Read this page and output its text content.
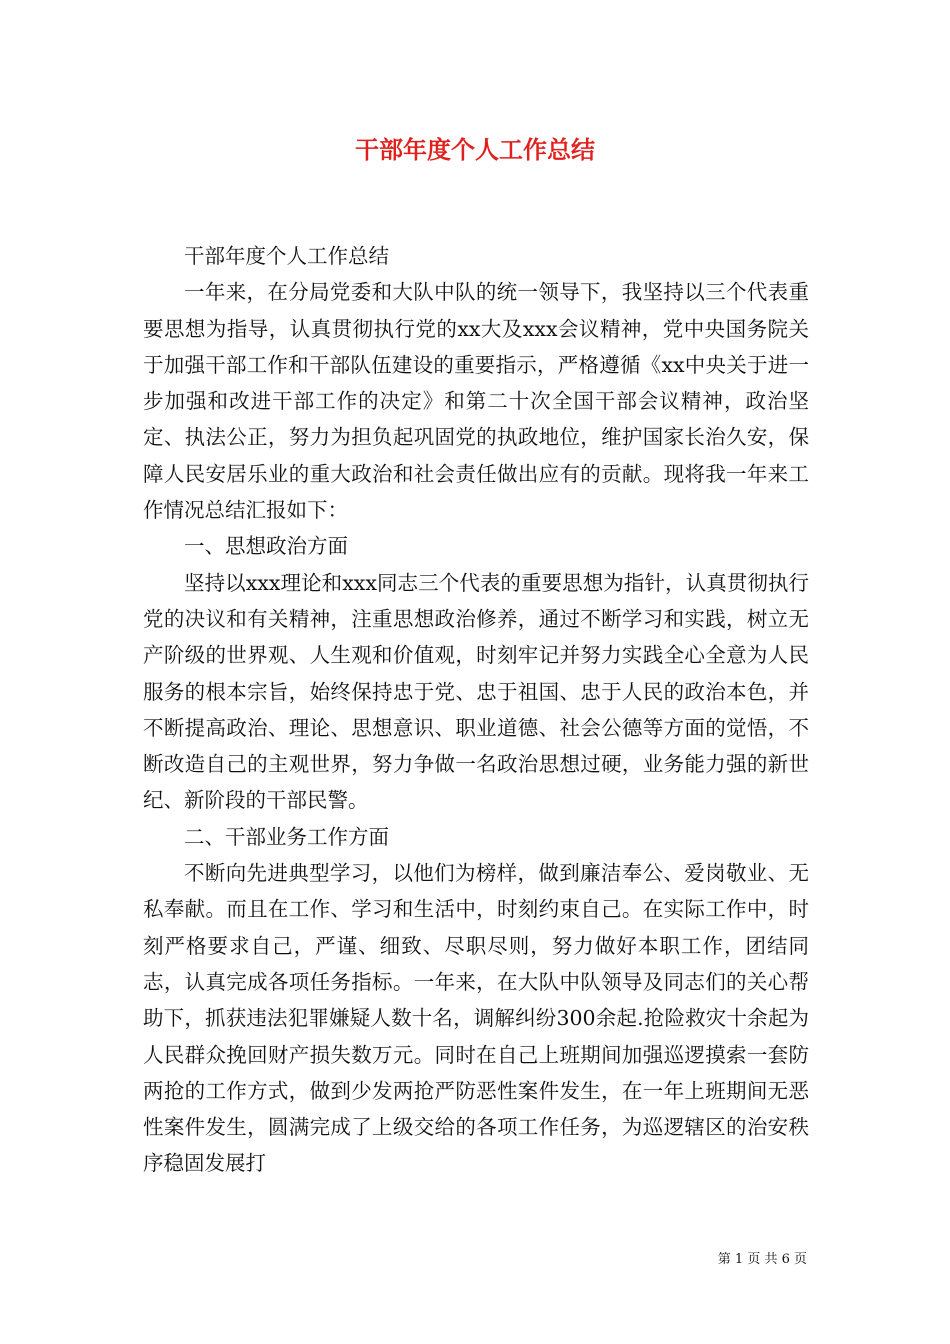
干部年度个人工作总结

干部年度个人工作总结

一年来，在分局党委和大队中队的统一领导下，我坚持以三个代表重要思想为指导，认真贯彻执行党的xx大及xxx会议精神，党中央国务院关于加强干部工作和干部队伍建设的重要指示，严格遵循《xx中央关于进一步加强和改进干部工作的决定》和第二十次全国干部会议精神，政治坚定、执法公正，努力为担负起巩固党的执政地位，维护国家长治久安，保障人民安居乐业的重大政治和社会责任做出应有的贡献。现将我一年来工作情况总结汇报如下：

一、思想政治方面

坚持以xxx理论和xxx同志三个代表的重要思想为指针，认真贯彻执行党的决议和有关精神，注重思想政治修养，通过不断学习和实践，树立无产阶级的世界观、人生观和价值观，时刻牢记并努力实践全心全意为人民服务的根本宗旨，始终保持忠于党、忠于祖国、忠于人民的政治本色，并不断提高政治、理论、思想意识、职业道德、社会公德等方面的觉悟，不断改造自己的主观世界，努力争做一名政治思想过硬，业务能力强的新世纪、新阶段的干部民警。

二、干部业务工作方面

不断向先进典型学习，以他们为榜样，做到廉洁奉公、爱岗敬业、无私奉献。而且在工作、学习和生活中，时刻约束自己。在实际工作中，时刻严格要求自己，严谨、细致、尽职尽则，努力做好本职工作，团结同志，认真完成各项任务指标。一年来，在大队中队领导及同志们的关心帮助下，抓获违法犯罪嫌疑人数十名，调解纠纷300余起.抢险救灾十余起为人民群众挽回财产损失数万元。同时在自己上班期间加强巡逻摸索一套防两抢的工作方式，做到少发两抢严防恶性案件发生，在一年上班期间无恶性案件发生，圆满完成了上级交给的各项工作任务，为巡逻辖区的治安秩序稳固发展打

第 1 页 共 6 页
